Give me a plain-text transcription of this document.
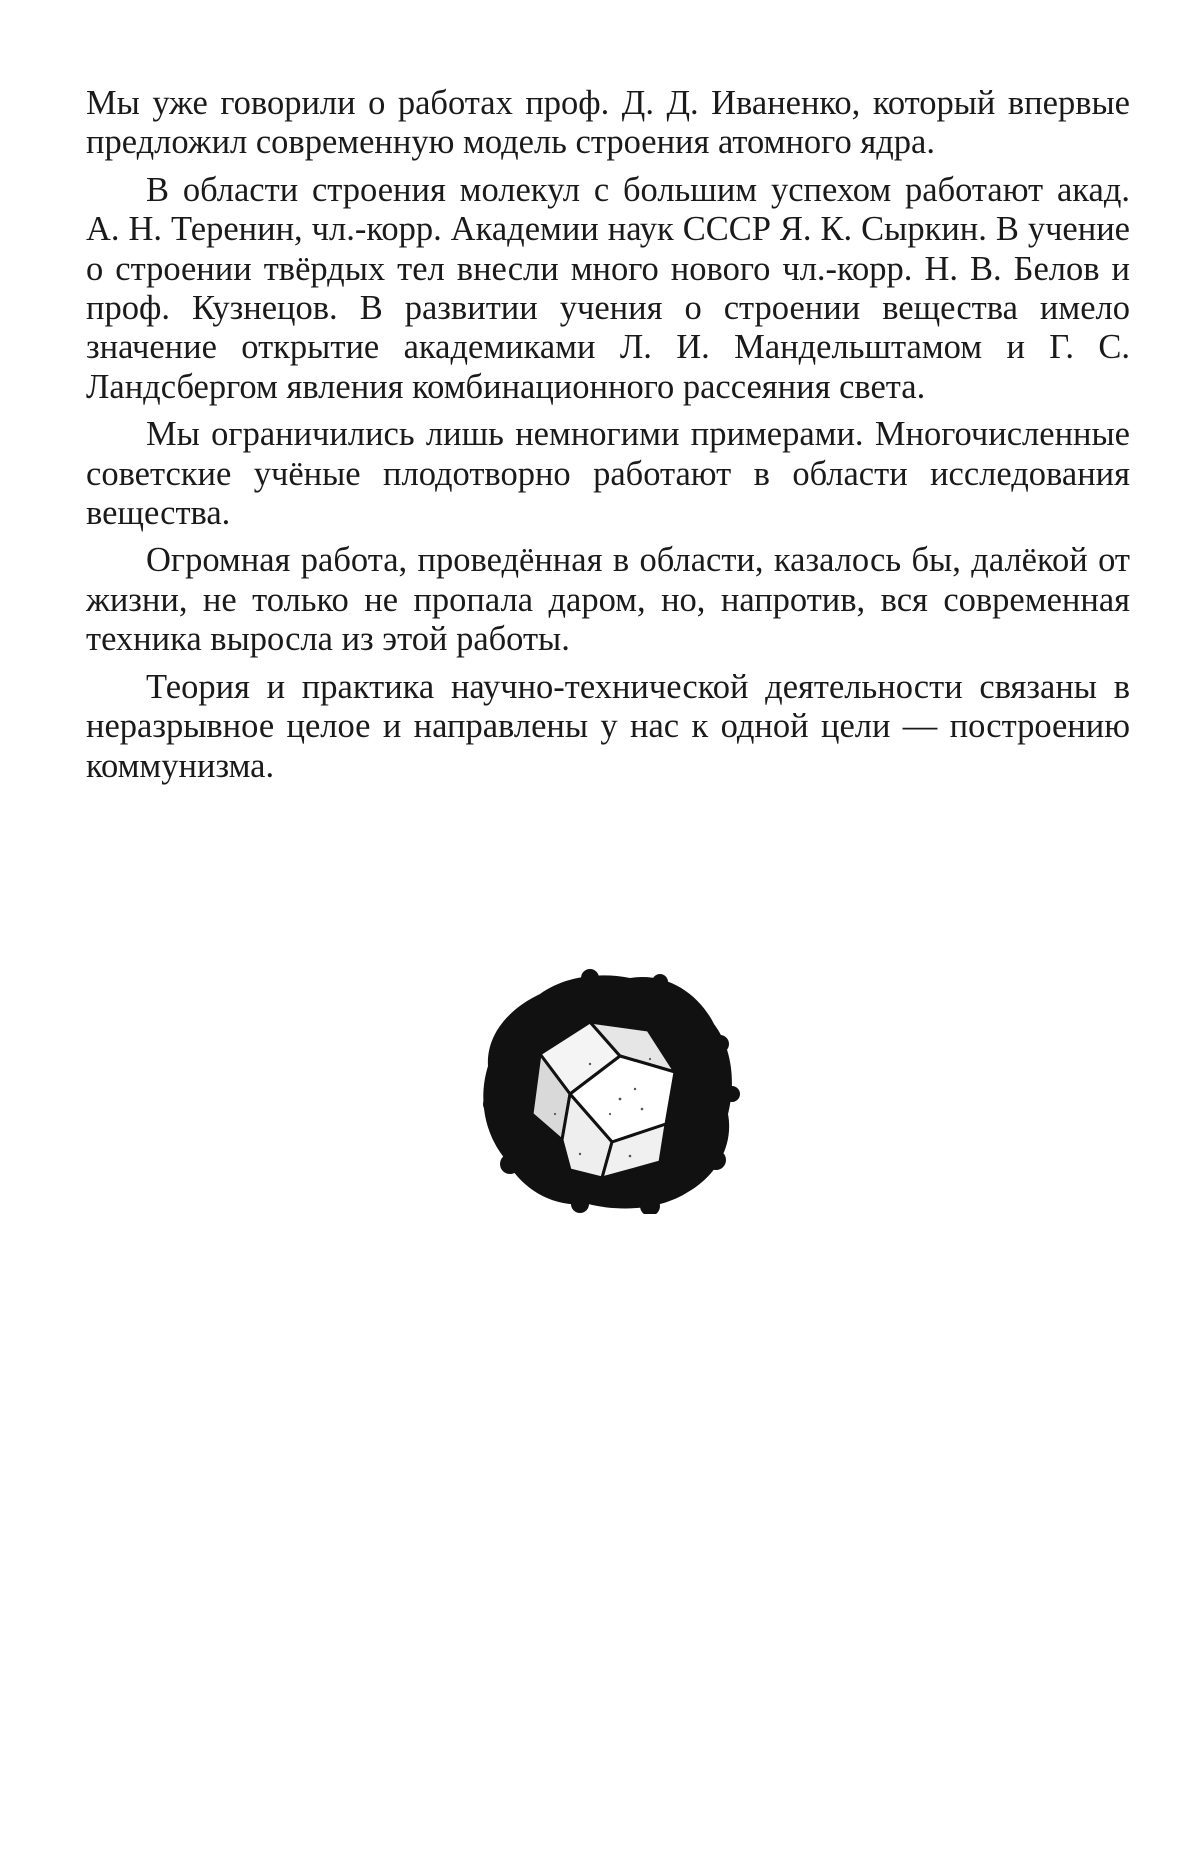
Мы уже говорили о работах проф. Д. Д. Иваненко, который впервые предложил современную модель строения атомного ядра.

В области строения молекул с большим успехом работают акад. А. Н. Теренин, чл.-корр. Академии наук СССР Я. К. Сыркин. В учение о строении твёрдых тел внесли много нового чл.-корр. Н. В. Белов и проф. Кузнецов. В развитии учения о строении вещества имело значение открытие академиками Л. И. Мандельштамом и Г. С. Ландсбергом явления комбинационного рассеяния света.

Мы ограничились лишь немногими примерами. Многочисленные советские учёные плодотворно работают в области исследования вещества.

Огромная работа, проведённая в области, казалось бы, далёкой от жизни, не только не пропала даром, но, напротив, вся современная техника выросла из этой работы.

Теория и практика научно-технической деятельности связаны в неразрывное целое и направлены у нас к одной цели — построению коммунизма.
